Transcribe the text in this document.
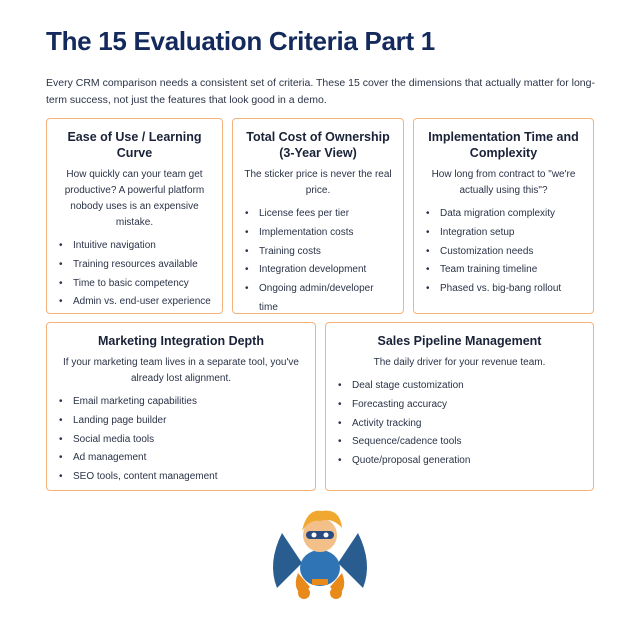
The 15 Evaluation Criteria Part 1

Every CRM comparison needs a consistent set of criteria. These 15 cover the dimensions that actually matter for long-term success, not just the features that look good in a demo.

Ease of Use / Learning Curve

How quickly can your team get productive? A powerful platform nobody uses is an expensive mistake.

• Intuitive navigation
• Training resources available
• Time to basic competency
• Admin vs. end-user experience
Total Cost of Ownership (3-Year View)

The sticker price is never the real price.

• License fees per tier
• Implementation costs
• Training costs
• Integration development
• Ongoing admin/developer time
Implementation Time and Complexity

How long from contract to "we're actually using this"?

• Data migration complexity
• Integration setup
• Customization needs
• Team training timeline
• Phased vs. big-bang rollout
Marketing Integration Depth

If your marketing team lives in a separate tool, you've already lost alignment.

• Email marketing capabilities
• Landing page builder
• Social media tools
• Ad management
• SEO tools, content management
Sales Pipeline Management

The daily driver for your revenue team.

• Deal stage customization
• Forecasting accuracy
• Activity tracking
• Sequence/cadence tools
• Quote/proposal generation
